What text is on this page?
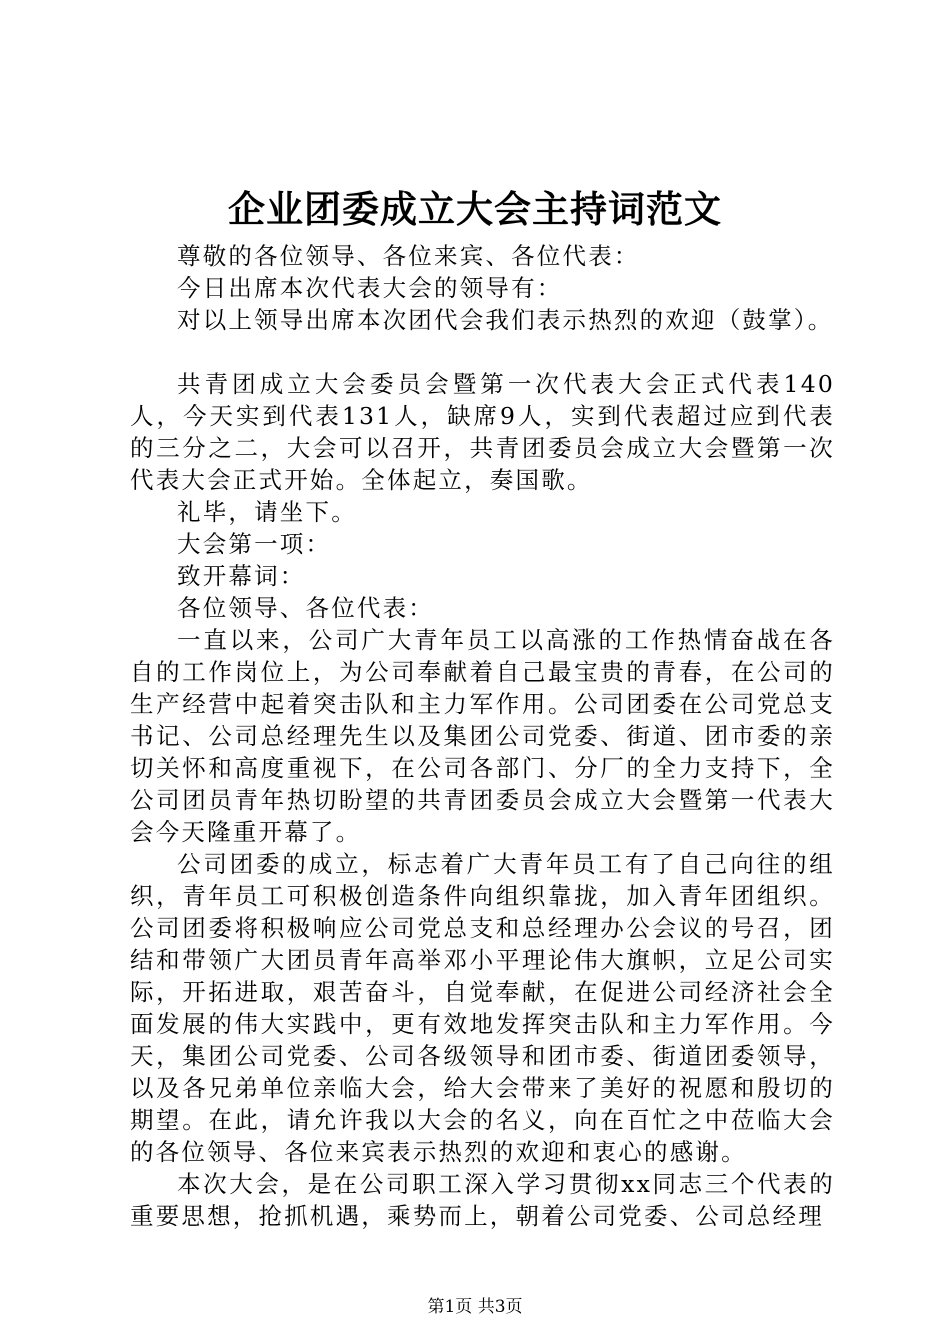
企业团委成立大会主持词范文

尊敬的各位领导、各位来宾、各位代表：

今日出席本次代表大会的领导有：

对以上领导出席本次团代会我们表示热烈的欢迎（鼓掌）。

共青团成立大会委员会暨第一次代表大会正式代表140人，今天实到代表131人，缺席9人，实到代表超过应到代表的三分之二，大会可以召开，共青团委员会成立大会暨第一次代表大会正式开始。全体起立，奏国歌。

礼毕，请坐下。

大会第一项：

致开幕词：

各位领导、各位代表：

一直以来，公司广大青年员工以高涨的工作热情奋战在各自的工作岗位上，为公司奉献着自己最宝贵的青春，在公司的生产经营中起着突击队和主力军作用。公司团委在公司党总支书记、公司总经理先生以及集团公司党委、街道、团市委的亲切关怀和高度重视下，在公司各部门、分厂的全力支持下，全公司团员青年热切盼望的共青团委员会成立大会暨第一代表大会今天隆重开幕了。

公司团委的成立，标志着广大青年员工有了自己向往的组织，青年员工可积极创造条件向组织靠拢，加入青年团组织。公司团委将积极响应公司党总支和总经理办公会议的号召，团结和带领广大团员青年高举邓小平理论伟大旗帜，立足公司实际，开拓进取，艰苦奋斗，自觉奉献，在促进公司经济社会全面发展的伟大实践中，更有效地发挥突击队和主力军作用。今天，集团公司党委、公司各级领导和团市委、街道团委领导，以及各兄弟单位亲临大会，给大会带来了美好的祝愿和殷切的期望。在此，请允许我以大会的名义，向在百忙之中莅临大会的各位领导、各位来宾表示热烈的欢迎和衷心的感谢。

本次大会，是在公司职工深入学习贯彻xx同志三个代表的重要思想，抢抓机遇，乘势而上，朝着公司党委、公司总经理

第1页 共3页
